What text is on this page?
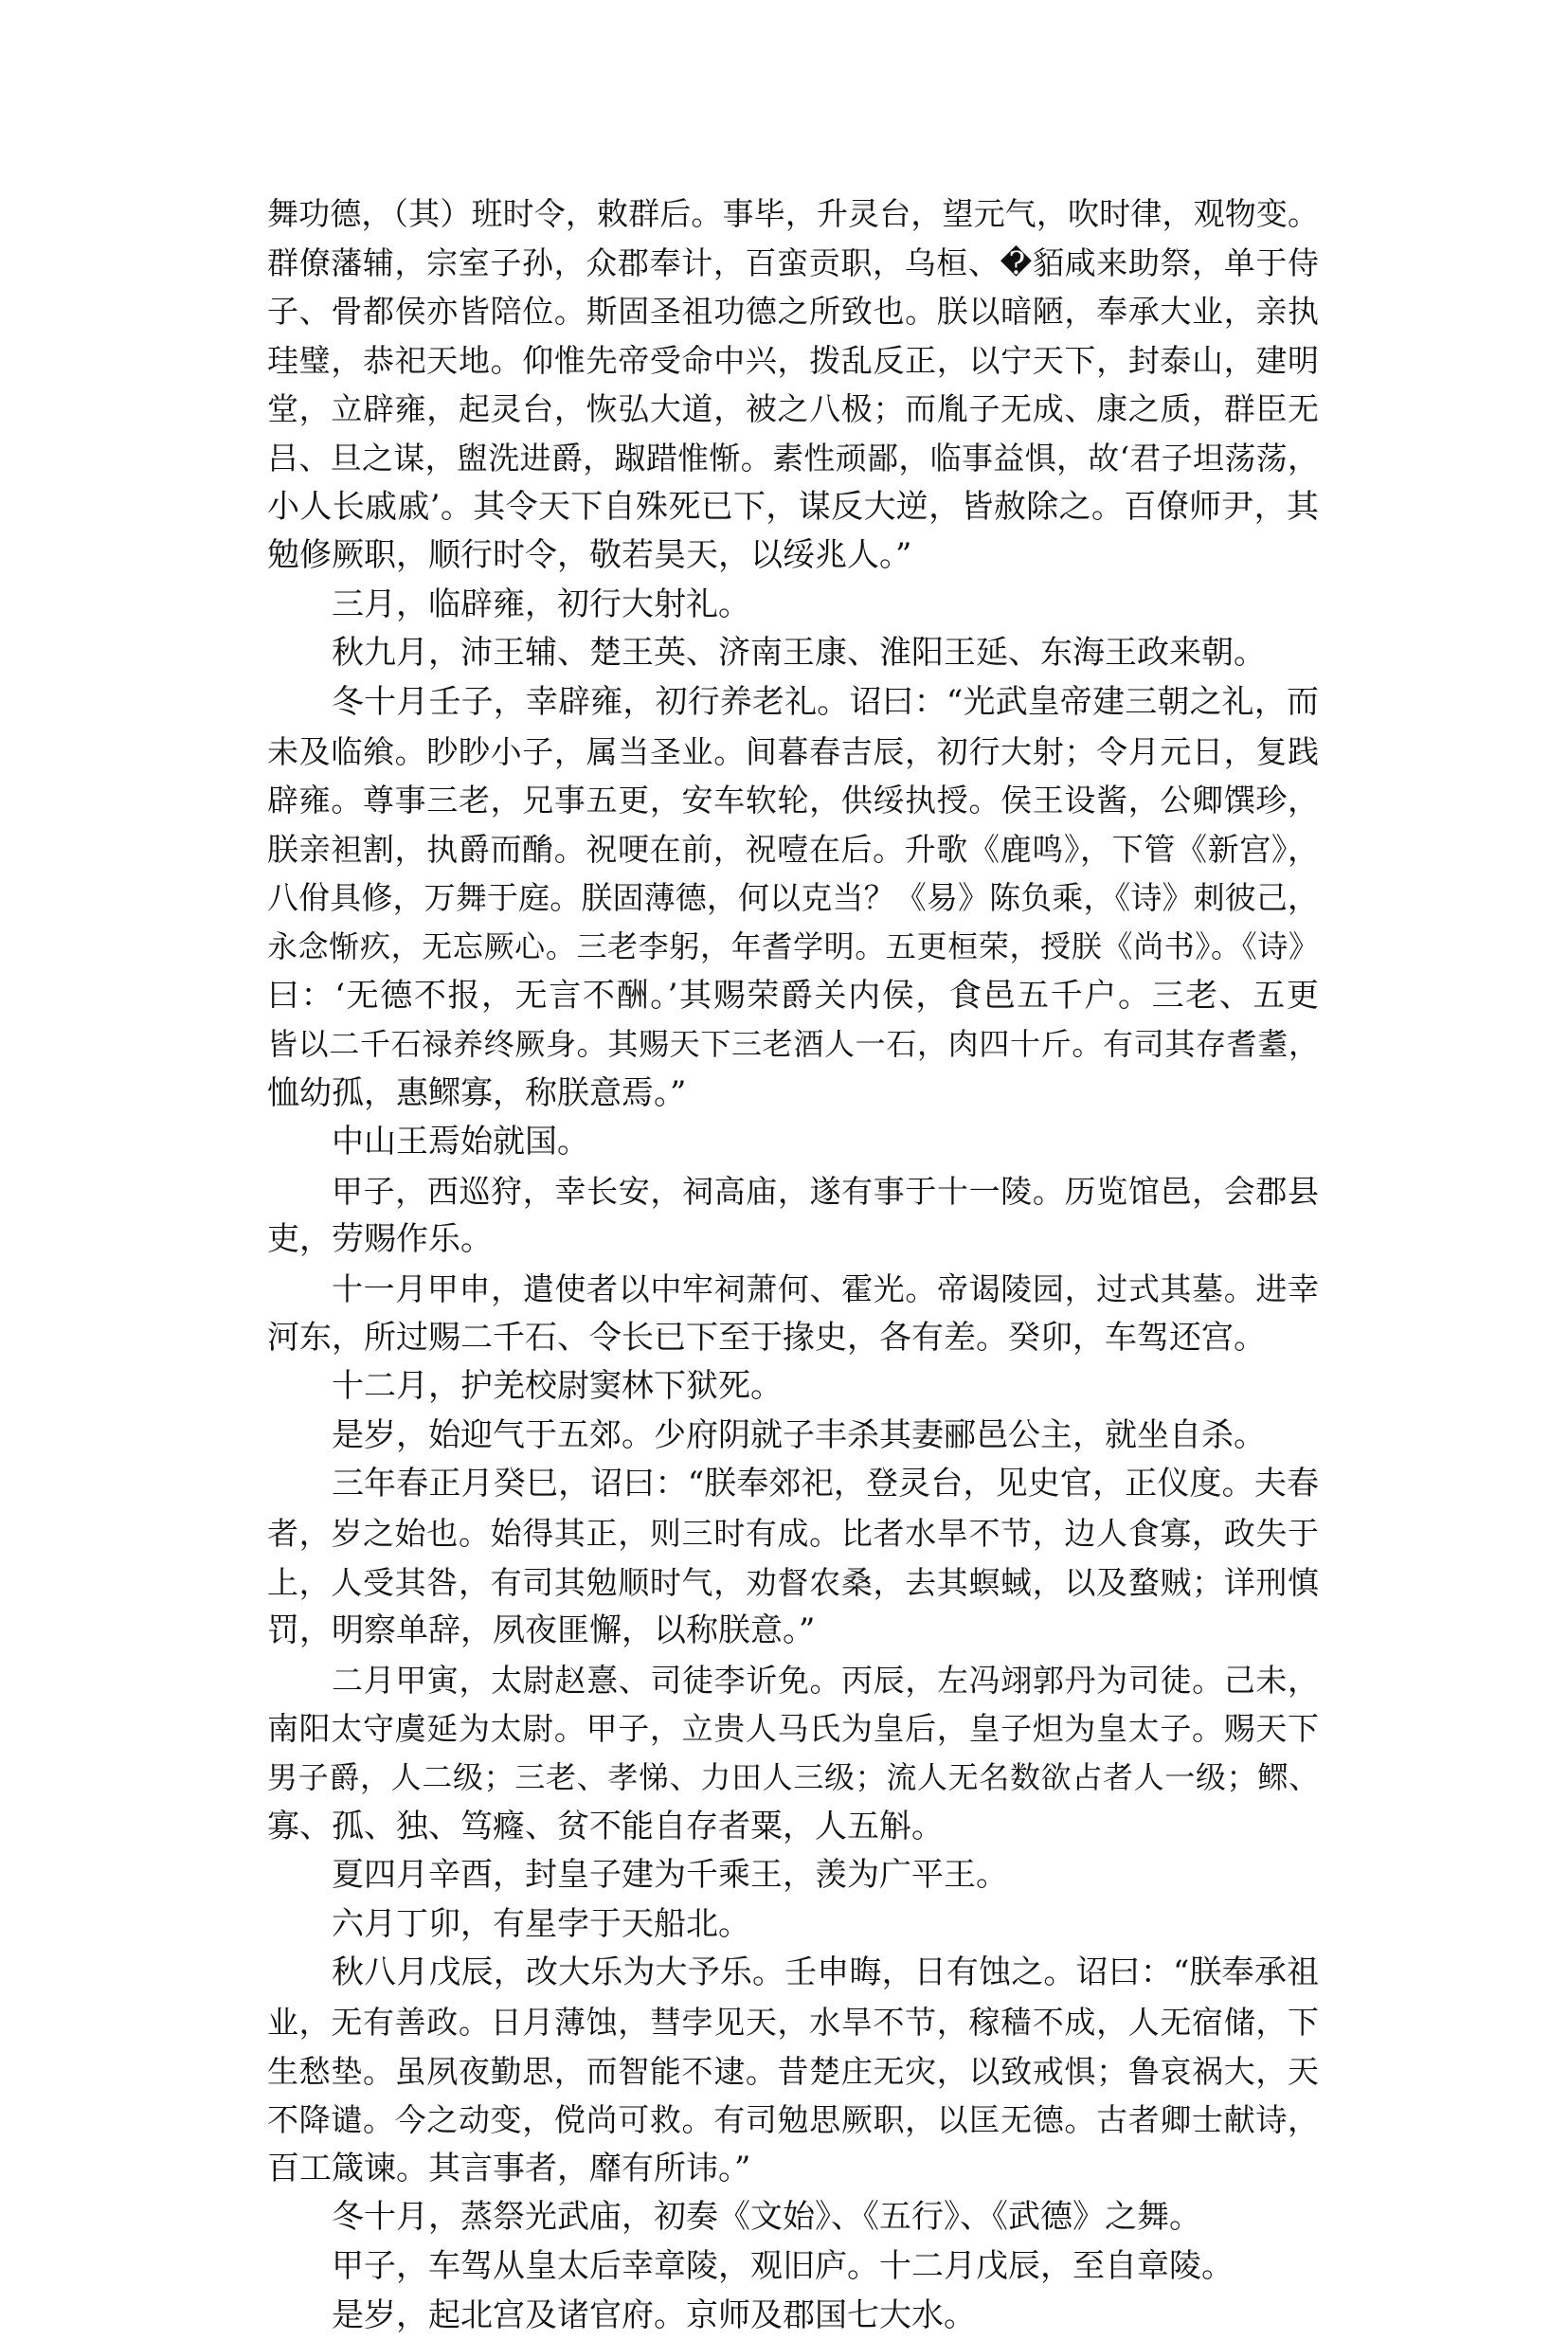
舞功德，（其）班时令，敕群后。事毕，升灵台，望元气，吹时律，观物变。
群僚藩辅，宗室子孙，众郡奉计，百蛮贡职，乌桓、�貊咸来助祭，单于侍
子、骨都侯亦皆陪位。斯固圣祖功德之所致也。朕以暗陋，奉承大业，亲执
珪璧，恭祀天地。仰惟先帝受命中兴，拨乱反正，以宁天下，封泰山，建明
堂，立辟雍，起灵台，恢弘大道，被之八极；而胤子无成、康之质，群臣无
吕、旦之谋，盥洗进爵，踧踖惟惭。素性顽鄙，临事益惧，故‘君子坦荡荡，
小人长戚戚’。其令天下自殊死已下，谋反大逆，皆赦除之。百僚师尹，其
勉修厥职，顺行时令，敬若昊天，以绥兆人。”
三月，临辟雍，初行大射礼。
秋九月，沛王辅、楚王英、济南王康、淮阳王延、东海王政来朝。
冬十月壬子，幸辟雍，初行养老礼。诏曰：“光武皇帝建三朝之礼，而
未及临飨。眇眇小子，属当圣业。间暮春吉辰，初行大射；令月元日，复践
辟雍。尊事三老，兄事五更，安车软轮，供绥执授。侯王设酱，公卿馔珍，
朕亲袒割，执爵而酳。祝哽在前，祝噎在后。升歌《鹿鸣》，下管《新宫》，
八佾具修，万舞于庭。朕固薄德，何以克当？《易》陈负乘，《诗》刺彼己，
永念惭疚，无忘厥心。三老李躬，年耆学明。五更桓荣，授朕《尚书》。《诗》
曰：‘无德不报，无言不酬。’其赐荣爵关内侯，食邑五千户。三老、五更
皆以二千石禄养终厥身。其赐天下三老酒人一石，肉四十斤。有司其存耆耋，
恤幼孤，惠鳏寡，称朕意焉。”
中山王焉始就国。
甲子，西巡狩，幸长安，祠高庙，遂有事于十一陵。历览馆邑，会郡县
吏，劳赐作乐。
十一月甲申，遣使者以中牢祠萧何、霍光。帝谒陵园，过式其墓。进幸
河东，所过赐二千石、令长已下至于掾史，各有差。癸卯，车驾还宫。
十二月，护羌校尉窦林下狱死。
是岁，始迎气于五郊。少府阴就子丰杀其妻郦邑公主，就坐自杀。
三年春正月癸巳，诏曰：“朕奉郊祀，登灵台，见史官，正仪度。夫春
者，岁之始也。始得其正，则三时有成。比者水旱不节，边人食寡，政失于
上，人受其咎，有司其勉顺时气，劝督农桑，去其螟蜮，以及蝥贼；详刑慎
罚，明察单辞，夙夜匪懈，以称朕意。”
二月甲寅，太尉赵憙、司徒李䜣免。丙辰，左冯翊郭丹为司徒。己未，
南阳太守虞延为太尉。甲子，立贵人马氏为皇后，皇子炟为皇太子。赐天下
男子爵，人二级；三老、孝悌、力田人三级；流人无名数欲占者人一级；鳏、
寡、孤、独、笃癃、贫不能自存者粟，人五斛。
夏四月辛酉，封皇子建为千乘王，羡为广平王。
六月丁卯，有星孛于天船北。
秋八月戊辰，改大乐为大予乐。壬申晦，日有蚀之。诏曰：“朕奉承祖
业，无有善政。日月薄蚀，彗孛见天，水旱不节，稼穑不成，人无宿储，下
生愁垫。虽夙夜勤思，而智能不逮。昔楚庄无灾，以致戒惧；鲁哀祸大，天
不降谴。今之动变，傥尚可救。有司勉思厥职，以匡无德。古者卿士献诗，
百工箴谏。其言事者，靡有所讳。”
冬十月，蒸祭光武庙，初奏《文始》、《五行》、《武德》之舞。
甲子，车驾从皇太后幸章陵，观旧庐。十二月戊辰，至自章陵。
是岁，起北宫及诸官府。京师及郡国七大水。
